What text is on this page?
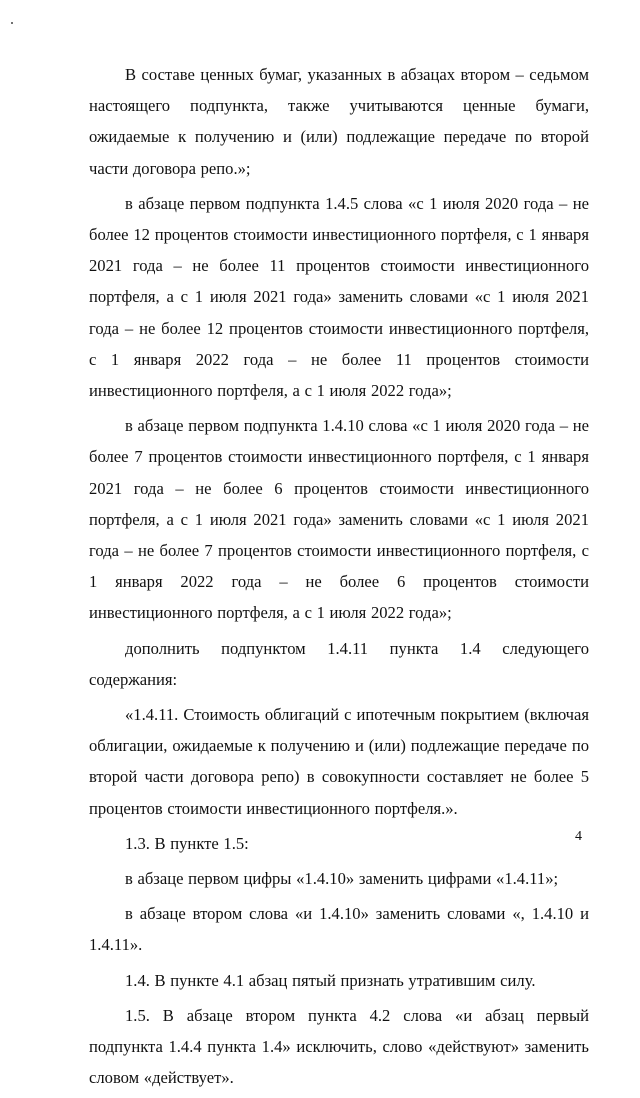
В составе ценных бумаг, указанных в абзацах втором – седьмом настоящего подпункта, также учитываются ценные бумаги, ожидаемые к получению и (или) подлежащие передаче по второй части договора репо.»;

в абзаце первом подпункта 1.4.5 слова «с 1 июля 2020 года – не более 12 процентов стоимости инвестиционного портфеля, с 1 января 2021 года – не более 11 процентов стоимости инвестиционного портфеля, а с 1 июля 2021 года» заменить словами «с 1 июля 2021 года – не более 12 процентов стоимости инвестиционного портфеля, с 1 января 2022 года – не более 11 процентов стоимости инвестиционного портфеля, а с 1 июля 2022 года»;

в абзаце первом подпункта 1.4.10 слова «с 1 июля 2020 года – не более 7 процентов стоимости инвестиционного портфеля, с 1 января 2021 года – не более 6 процентов стоимости инвестиционного портфеля, а с 1 июля 2021 года» заменить словами «с 1 июля 2021 года – не более 7 процентов стоимости инвестиционного портфеля, с 1 января 2022 года – не более 6 процентов стоимости инвестиционного портфеля, а с 1 июля 2022 года»;

дополнить подпунктом 1.4.11 пункта 1.4 следующего содержания:

«1.4.11. Стоимость облигаций с ипотечным покрытием (включая облигации, ожидаемые к получению и (или) подлежащие передаче по второй части договора репо) в совокупности составляет не более 5 процентов стоимости инвестиционного портфеля.».

1.3. В пункте 1.5:

в абзаце первом цифры «1.4.10» заменить цифрами «1.4.11»;

в абзаце втором слова «и 1.4.10» заменить словами «, 1.4.10 и 1.4.11».

1.4. В пункте 4.1 абзац пятый признать утратившим силу.

1.5. В абзаце втором пункта 4.2 слова «и абзац первый подпункта 1.4.4 пункта 1.4» исключить, слово «действуют» заменить словом «действует».

4
